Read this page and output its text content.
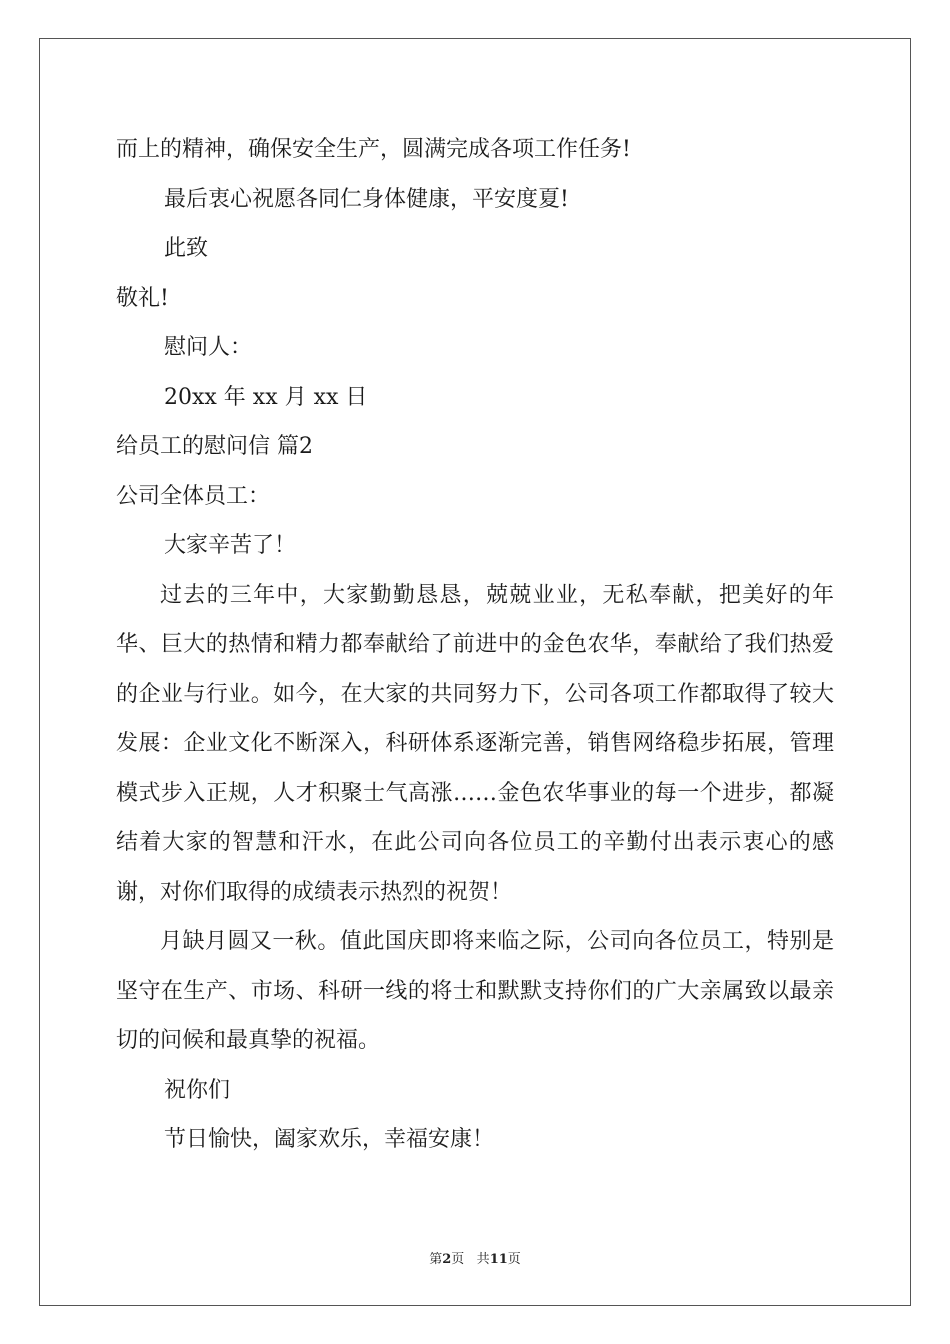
而上的精神，确保安全生产，圆满完成各项工作任务!
最后衷心祝愿各同仁身体健康，平安度夏!
此致
敬礼!
慰问人：
20xx 年 xx 月 xx 日
给员工的慰问信 篇2
公司全体员工：
大家辛苦了！

过去的三年中，大家勤勤恳恳，兢兢业业，无私奉献，把美好的年华、巨大的热情和精力都奉献给了前进中的金色农华，奉献给了我们热爱的企业与行业。如今，在大家的共同努力下，公司各项工作都取得了较大发展：企业文化不断深入，科研体系逐渐完善，销售网络稳步拓展，管理模式步入正规，人才积聚士气高涨……金色农华事业的每一个进步，都凝结着大家的智慧和汗水，在此公司向各位员工的辛勤付出表示衷心的感谢，对你们取得的成绩表示热烈的祝贺！

月缺月圆又一秋。值此国庆即将来临之际，公司向各位员工，特别是坚守在生产、市场、科研一线的将士和默默支持你们的广大亲属致以最亲切的问候和最真挚的祝福。

祝你们
节日愉快，阖家欢乐，幸福安康！
第2页 共11页
